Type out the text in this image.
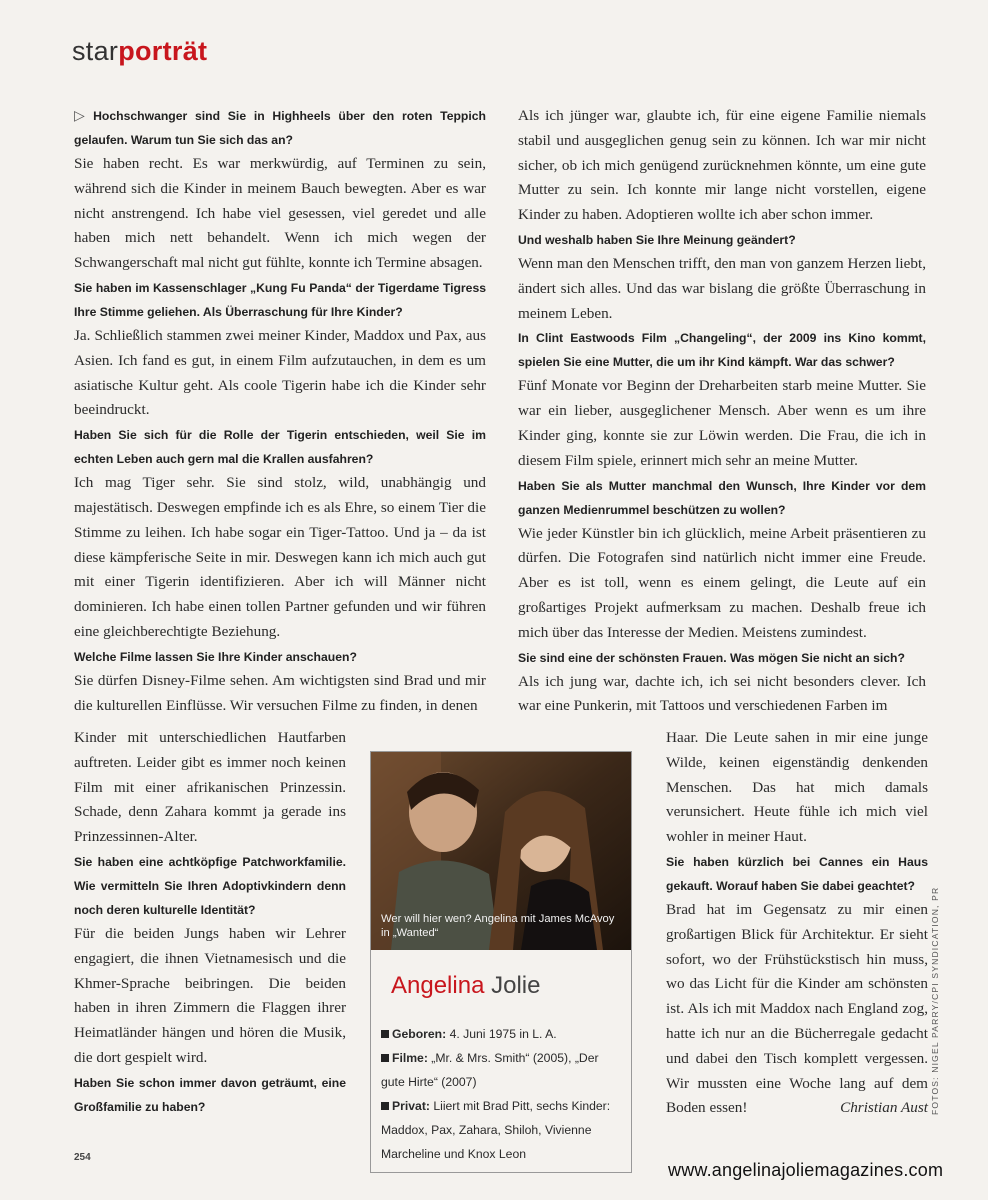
starporträt
▷ Hochschwanger sind Sie in Highheels über den roten Teppich gelaufen. Warum tun Sie sich das an?
Sie haben recht. Es war merkwürdig, auf Terminen zu sein, während sich die Kinder in meinem Bauch bewegten. Aber es war nicht anstrengend. Ich habe viel gesessen, viel geredet und alle haben mich nett behandelt. Wenn ich mich wegen der Schwangerschaft mal nicht gut fühlte, konnte ich Termine absagen.
Sie haben im Kassenschlager „Kung Fu Panda“ der Tigerdame Tigress Ihre Stimme geliehen. Als Überraschung für Ihre Kinder?
Ja. Schließlich stammen zwei meiner Kinder, Maddox und Pax, aus Asien. Ich fand es gut, in einem Film aufzutauchen, in dem es um asiatische Kultur geht. Als coole Tigerin habe ich die Kinder sehr beeindruckt.
Haben Sie sich für die Rolle der Tigerin entschieden, weil Sie im echten Leben auch gern mal die Krallen ausfahren?
Ich mag Tiger sehr. Sie sind stolz, wild, unabhängig und majestätisch. Deswegen empfinde ich es als Ehre, so einem Tier die Stimme zu leihen. Ich habe sogar ein Tiger-Tattoo. Und ja – da ist diese kämpferische Seite in mir. Deswegen kann ich mich auch gut mit einer Tigerin identifizieren. Aber ich will Männer nicht dominieren. Ich habe einen tollen Partner gefunden und wir führen eine gleichberechtigte Beziehung.
Welche Filme lassen Sie Ihre Kinder anschauen?
Sie dürfen Disney-Filme sehen. Am wichtigsten sind Brad und mir die kulturellen Einflüsse. Wir versuchen Filme zu finden, in denen
Kinder mit unterschiedlichen Hautfarben auftreten. Leider gibt es immer noch keinen Film mit einer afrikanischen Prinzessin. Schade, denn Zahara kommt ja gerade ins Prinzessinnen-Alter.
Sie haben eine achtköpfige Patchworkfamilie. Wie vermitteln Sie Ihren Adoptivkindern denn noch deren kulturelle Identität?
Für die beiden Jungs haben wir Lehrer engagiert, die ihnen Vietnamesisch und die Khmer-Sprache beibringen. Die beiden haben in ihren Zimmern die Flaggen ihrer Heimatländer hängen und hören die Musik, die dort gespielt wird.
Haben Sie schon immer davon geträumt, eine Großfamilie zu haben?
Als ich jünger war, glaubte ich, für eine eigene Familie niemals stabil und ausgeglichen genug sein zu können. Ich war mir nicht sicher, ob ich mich genügend zurücknehmen könnte, um eine gute Mutter zu sein. Ich konnte mir lange nicht vorstellen, eigene Kinder zu haben. Adoptieren wollte ich aber schon immer.
Und weshalb haben Sie Ihre Meinung geändert?
Wenn man den Menschen trifft, den man von ganzem Herzen liebt, ändert sich alles. Und das war bislang die größte Überraschung in meinem Leben.
In Clint Eastwoods Film „Changeling“, der 2009 ins Kino kommt, spielen Sie eine Mutter, die um ihr Kind kämpft. War das schwer?
Fünf Monate vor Beginn der Dreharbeiten starb meine Mutter. Sie war ein lieber, ausgeglichener Mensch. Aber wenn es um ihre Kinder ging, konnte sie zur Löwin werden. Die Frau, die ich in diesem Film spiele, erinnert mich sehr an meine Mutter.
Haben Sie als Mutter manchmal den Wunsch, Ihre Kinder vor dem ganzen Medienrummel beschützen zu wollen?
Wie jeder Künstler bin ich glücklich, meine Arbeit präsentieren zu dürfen. Die Fotografen sind natürlich nicht immer eine Freude. Aber es ist toll, wenn es einem gelingt, die Leute auf ein großartiges Projekt aufmerksam zu machen. Deshalb freue ich mich über das Interesse der Medien. Meistens zumindest.
Sie sind eine der schönsten Frauen. Was mögen Sie nicht an sich?
Als ich jung war, dachte ich, ich sei nicht besonders clever. Ich war eine Punkerin, mit Tattoos und verschiedenen Farben im
Haar. Die Leute sahen in mir eine junge Wilde, keinen eigenständig denkenden Menschen. Das hat mich damals verunsichert. Heute fühle ich mich viel wohler in meiner Haut.
Sie haben kürzlich bei Cannes ein Haus gekauft. Worauf haben Sie dabei geachtet?
Brad hat im Gegensatz zu mir einen großartigen Blick für Architektur. Er sieht sofort, wo der Frühstückstisch hin muss, wo das Licht für die Kinder am schönsten ist. Als ich mit Maddox nach England zog, hatte ich nur an die Bücherregale gedacht und dabei den Tisch komplett vergessen. Wir mussten eine Woche lang auf dem Boden essen!	Christian Aust
Wer will hier wen? Angelina mit James McAvoy in „Wanted“
Angelina Jolie
Geboren: 4. Juni 1975 in L. A.
Filme: „Mr. & Mrs. Smith“ (2005), „Der gute Hirte“ (2007)
Privat: Liiert mit Brad Pitt, sechs Kinder: Maddox, Pax, Zahara, Shiloh, Vivienne Marcheline und Knox Leon
254
www.angelinajoliemagazines.com
FOTOS: NIGEL PARRY/CPI SYNDICATION, PR
